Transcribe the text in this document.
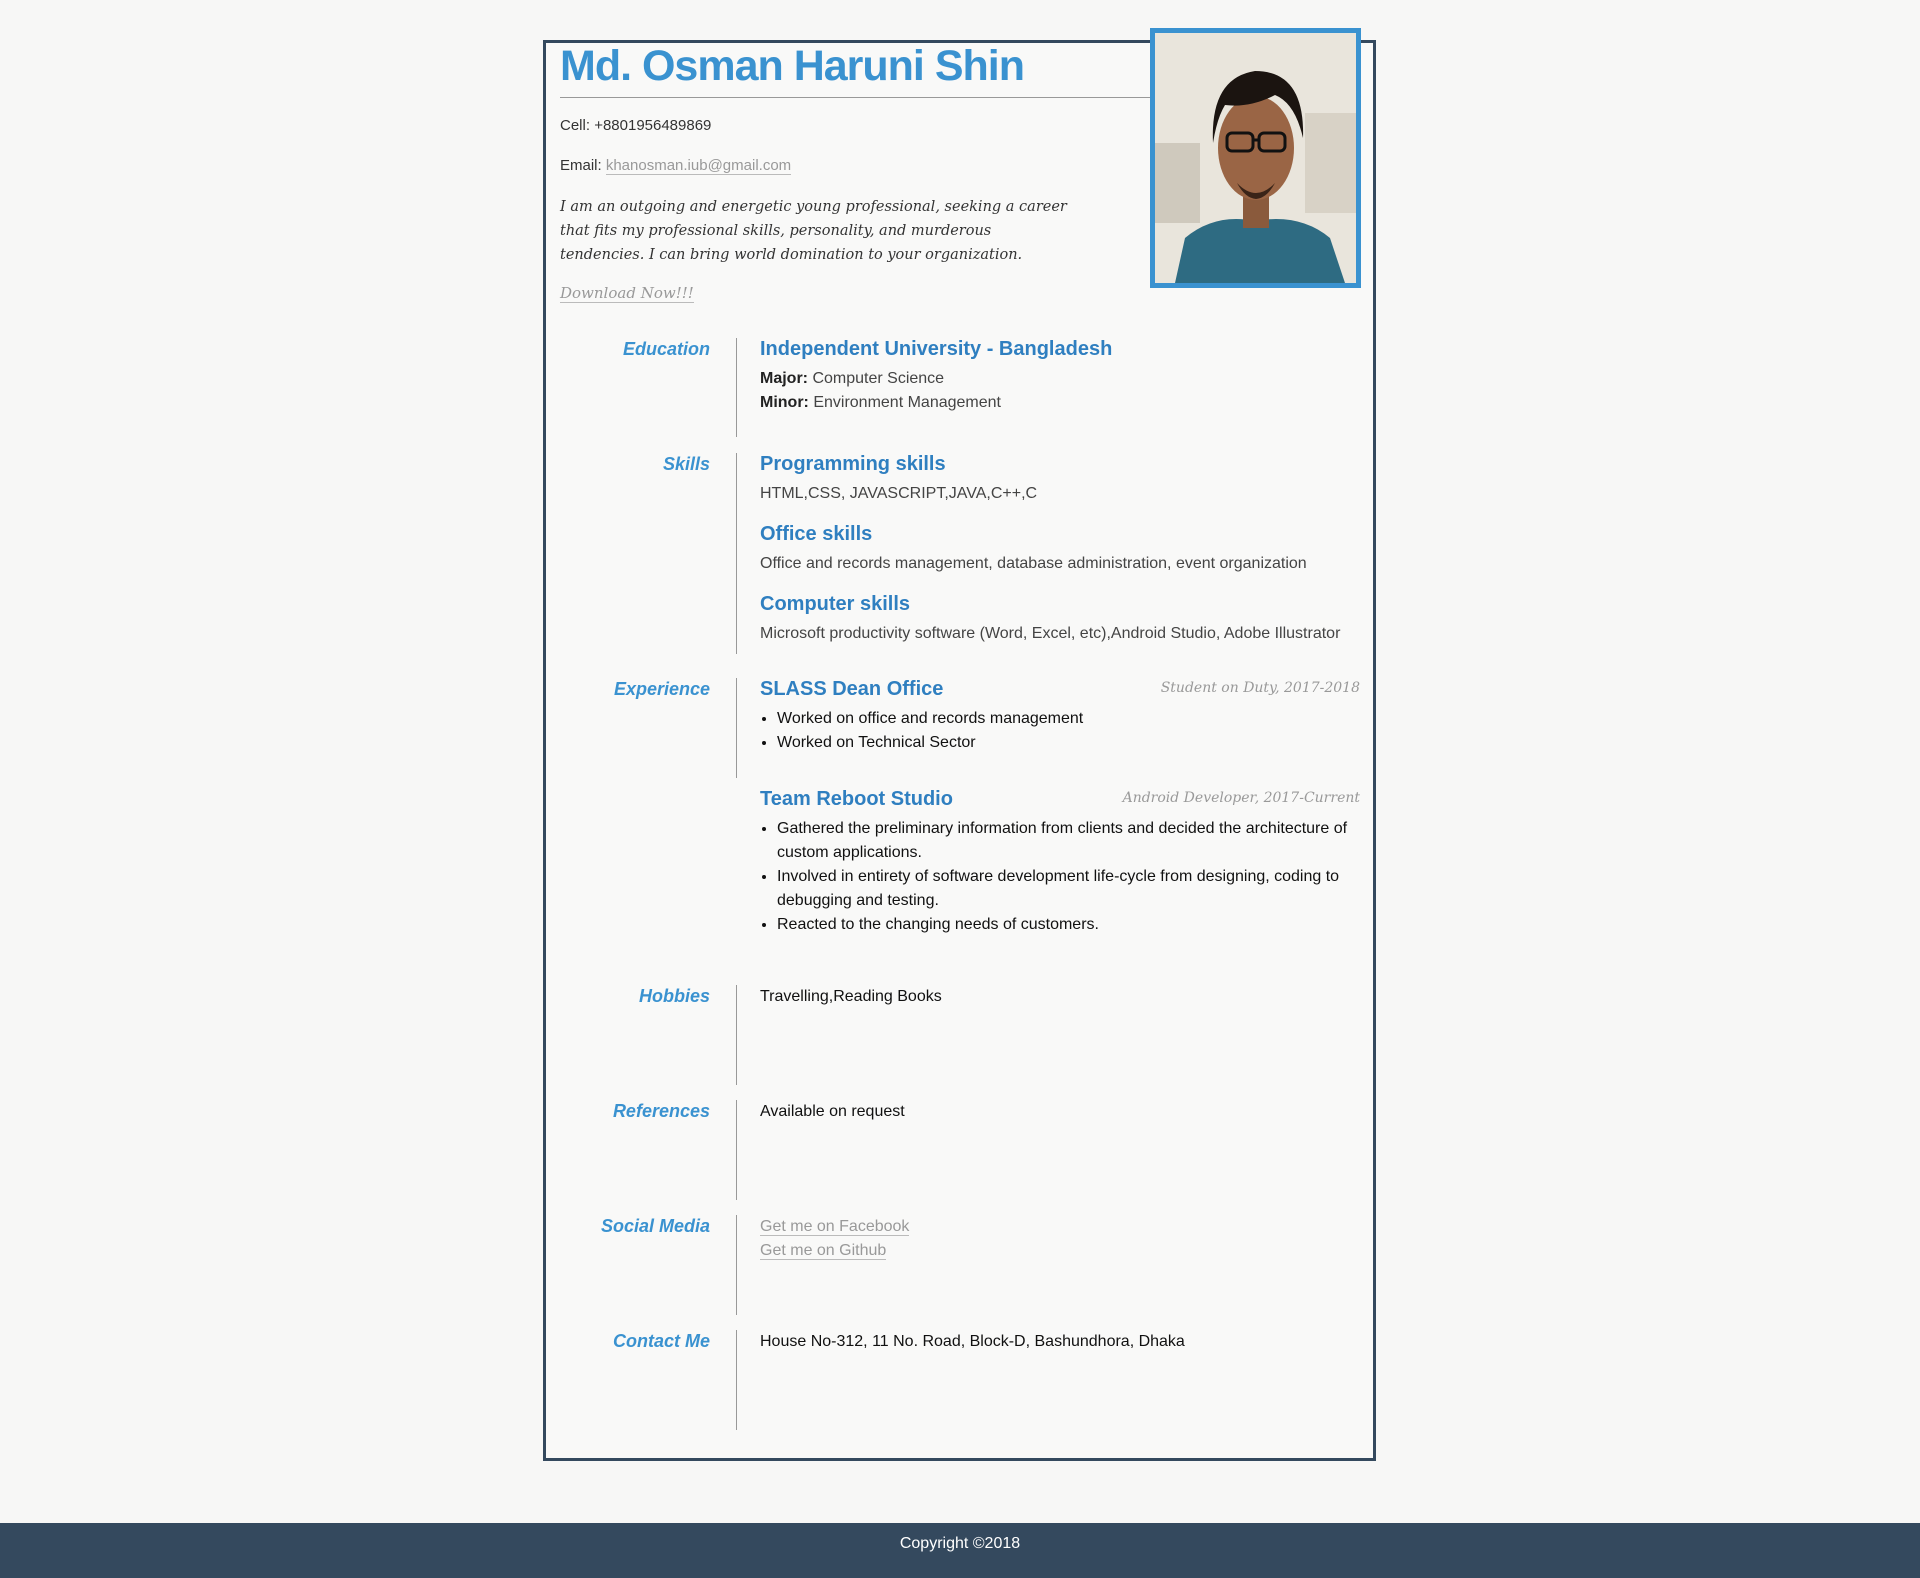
Md. Osman Haruni Shin
Cell: +8801956489869
Email: khanosman.iub@gmail.com
I am an outgoing and energetic young professional, seeking a career that fits my professional skills, personality, and murderous tendencies. I can bring world domination to your organization.
Download Now!!!
Education	Independent University - Bangladesh
Major: Computer Science
Minor: Environment Management
Skills	Programming skills
HTML,CSS, JAVASCRIPT,JAVA,C++,C
Office skills
Office and records management, database administration, event organization
Computer skills
Microsoft productivity software (Word, Excel, etc),Android Studio, Adobe Illustrator
Experience	SLASS Dean Office	Student on Duty, 2017-2018
• Worked on office and records management
• Worked on Technical Sector
Team Reboot Studio	Android Developer, 2017-Current
• Gathered the preliminary information from clients and decided the architecture of custom applications.
• Involved in entirety of software development life-cycle from designing, coding to debugging and testing.
• Reacted to the changing needs of customers.
Hobbies	Travelling,Reading Books
References	Available on request
Social Media	Get me on Facebook
Get me on Github
Contact Me	House No-312, 11 No. Road, Block-D, Bashundhora, Dhaka
Copyright ©2018
